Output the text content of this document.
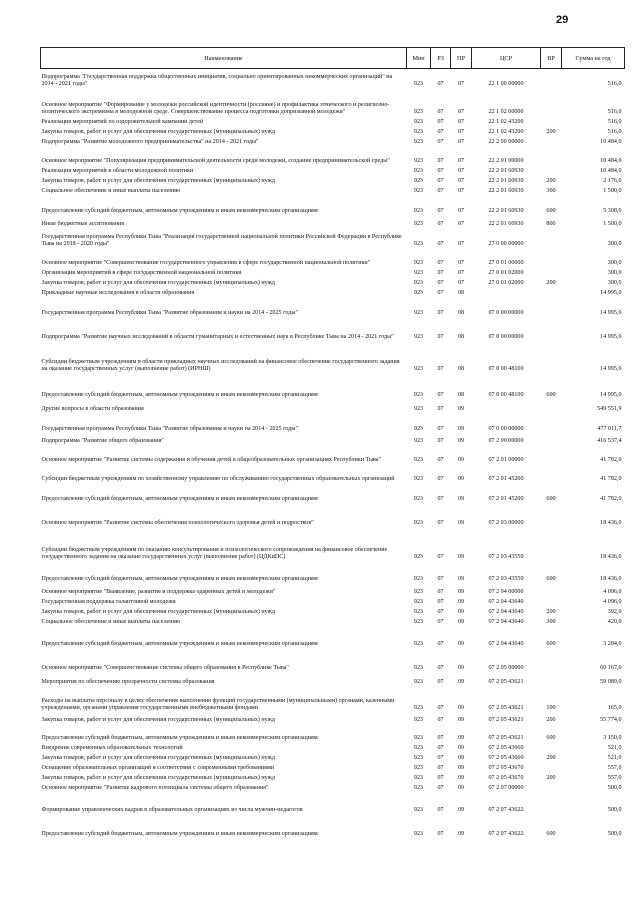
29
Наименование	Мин	РЗ	ПР	ЦСР	ВР	Сумма на год
Подпрограмма "Государственная поддержка общественных инициатив, социально ориентированных некоммерческих организаций" на 2014 - 2021 годы"	923	07	07	22 1 00 00000		516,0
Основное мероприятие "Формирование у молодежи российской идентичности (россияне) и профилактика этнического и религиозно-политического экстремизма в молодежной среде. Совершенствование процесса подготовки допризывной молодежи"	923	07	07	22 1 02 00000		516,0
Реализация мероприятий по оздоровительной кампании детей	923	07	07	22 1 02 43200		516,0
Закупка товаров, работ и услуг для обеспечения государственных (муниципальных) нужд	923	07	07	22 1 02 43200	200	516,0
Подпрограмма "Развитие молодежного предпринимательства" на 2014 - 2021 годы"	923	07	07	22 2 00 00000		10 484,0
Основное мероприятие "Популяризация предпринимательской деятельности среди молодежи, создание предпринимательской среды"	923	07	07	22 2 01 00000		10 484,0
Реализация мероприятий в области молодежной политики	923	07	07	22 2 01 60930		10 484,0
Закупка товаров, работ и услуг для обеспечения государственных (муниципальных) нужд	923	07	07	22 2 01 60930	200	2 176,0
Социальное обеспечение и иные выплаты населению	923	07	07	22 2 01 60930	300	1 500,0
Предоставление субсидий бюджетным, автономным учреждениям и иным некоммерческим организациям	923	07	07	22 2 01 60930	600	5 308,0
Иные бюджетные ассигнования	923	07	07	22 2 01 60930	800	1 500,0
Государственная программа Республики Тыва "Реализация государственной национальной политики Российской Федерации в Республике Тыва на 2018 - 2020 годы"	923	07	07	27 0 00 00000		300,0
Основное мероприятие "Совершенствование государственного управления в сфере государственной национальной политики"	923	07	07	27 0 01 00000		300,0
Организация мероприятий в сфере государственной национальной политики	923	07	07	27 0 01 02000		300,0
Закупка товаров, работ и услуг для обеспечения государственных (муниципальных) нужд	923	07	07	27 0 01 02000	200	300,0
Прикладные научные исследования в области образования	923	07	08			14 995,0
Государственная программа Республики Тыва "Развитие образования и науки на 2014 - 2025 годы"	923	07	08	07 0 00 00000		14 995,0
Подпрограмма "Развитие научных исследований в области гуманитарных и естественных наук в Республике Тыва на 2014 - 2021 годы"	923	07	08	07 8 00 00000		14 995,0
Субсидии бюджетным учреждениям в области прикладных научных исследований на финансовое обеспечение государственного задания на оказание государственных услуг (выполнение работ) (ИРНШ)	923	07	08	07 8 00 48100		14 995,0
Предоставление субсидий бюджетным, автономным учреждениям и иным некоммерческим организациям	923	07	08	07 8 00 48100	600	14 995,0
Другие вопросы в области образования	923	07	09			549 551,9
Государственная программа Республики Тыва "Развитие образования и науки на 2014 - 2025 годы"	923	07	09	07 0 00 00000		477 011,7
Подпрограмма "Развитие общего образования"	923	07	09	07 2 00 00000		416 537,4
Основное мероприятие "Развитие системы содержания и обучения детей в общеобразовательных организациях Республики Тыва"	923	07	09	07 2 01 00000		41 782,0
Субсидии бюджетным учреждениям по хозяйственному управлению по обслуживанию государственных образовательных организаций	923	07	09	07 2 01 45200		41 782,0
Предоставление субсидий бюджетным, автономным учреждениям и иным некоммерческим организациям	923	07	09	07 2 01 45200	600	41 782,0
Основное мероприятие "Развитие системы обеспечения психологического здоровья детей и подростков"	923	07	09	07 2 03 00000		18 436,0
Субсидии бюджетным учреждениям по оказанию консультирования и психологического сопровождения на финансовое обеспечение государственного задания на оказание государственных услуг (выполнение работ) (ЦДКиПС)	923	07	09	07 2 03 43550		18 436,0
Предоставление субсидий бюджетным, автономным учреждениям и иным некоммерческим организациям	923	07	09	07 2 03 43550	600	18 436,0
Основное мероприятие "Выявление, развитие и поддержка одаренных детей и молодежи"	923	07	09	07 2 04 00000		4 096,0
Государственная поддержка талантливой молодежи	923	07	09	07 2 04 43640		4 096,0
Закупка товаров, работ и услуг для обеспечения государственных (муниципальных) нужд	923	07	09	07 2 04 43640	200	392,0
Социальное обеспечение и иные выплаты населению	923	07	09	07 2 04 43640	300	420,0
Предоставление субсидий бюджетным, автономным учреждениям и иным некоммерческим организациям	923	07	09	07 2 04 43640	600	3 284,0
Основное мероприятие "Совершенствование системы общего образования в Республике Тыва"	923	07	09	07 2 05 00000		60 167,0
Мероприятия по обеспечению прозрачности системы образования	923	07	09	07 2 05 43621		59 089,0
Расходы на выплаты персоналу в целях обеспечения выполнения функций государственными (муниципальными) органами, казенными учреждениями, органами управления государственными внебюджетными фондами	923	07	09	07 2 05 43621	100	165,0
Закупка товаров, работ и услуг для обеспечения государственных (муниципальных) нужд	923	07	09	07 2 05 43621	200	55 774,0
Предоставление субсидий бюджетным, автономным учреждениям и иным некоммерческим организациям	923	07	09	07 2 05 43621	600	3 150,0
Внедрение современных образовательных технологий	923	07	09	07 2 05 43660		521,0
Закупка товаров, работ и услуг для обеспечения государственных (муниципальных) нужд	923	07	09	07 2 05 43660	200	521,0
Оснащение образовательных организаций в соответствии с современными требованиями	923	07	09	07 2 05 43670		557,0
Закупка товаров, работ и услуг для обеспечения государственных (муниципальных) нужд	923	07	09	07 2 05 43670	200	557,0
Основное мероприятие "Развитие кадрового потенциала системы общего образования"	923	07	09	07 2 07 00000		500,0
Формирование управленческих кадров в образовательных организациях из числа мужчин-педагогов	923	07	09	07 2 07 43622		500,0
Предоставление субсидий бюджетным, автономным учреждениям и иным некоммерческим организациям	923	07	09	07 2 07 43622	600	500,0
